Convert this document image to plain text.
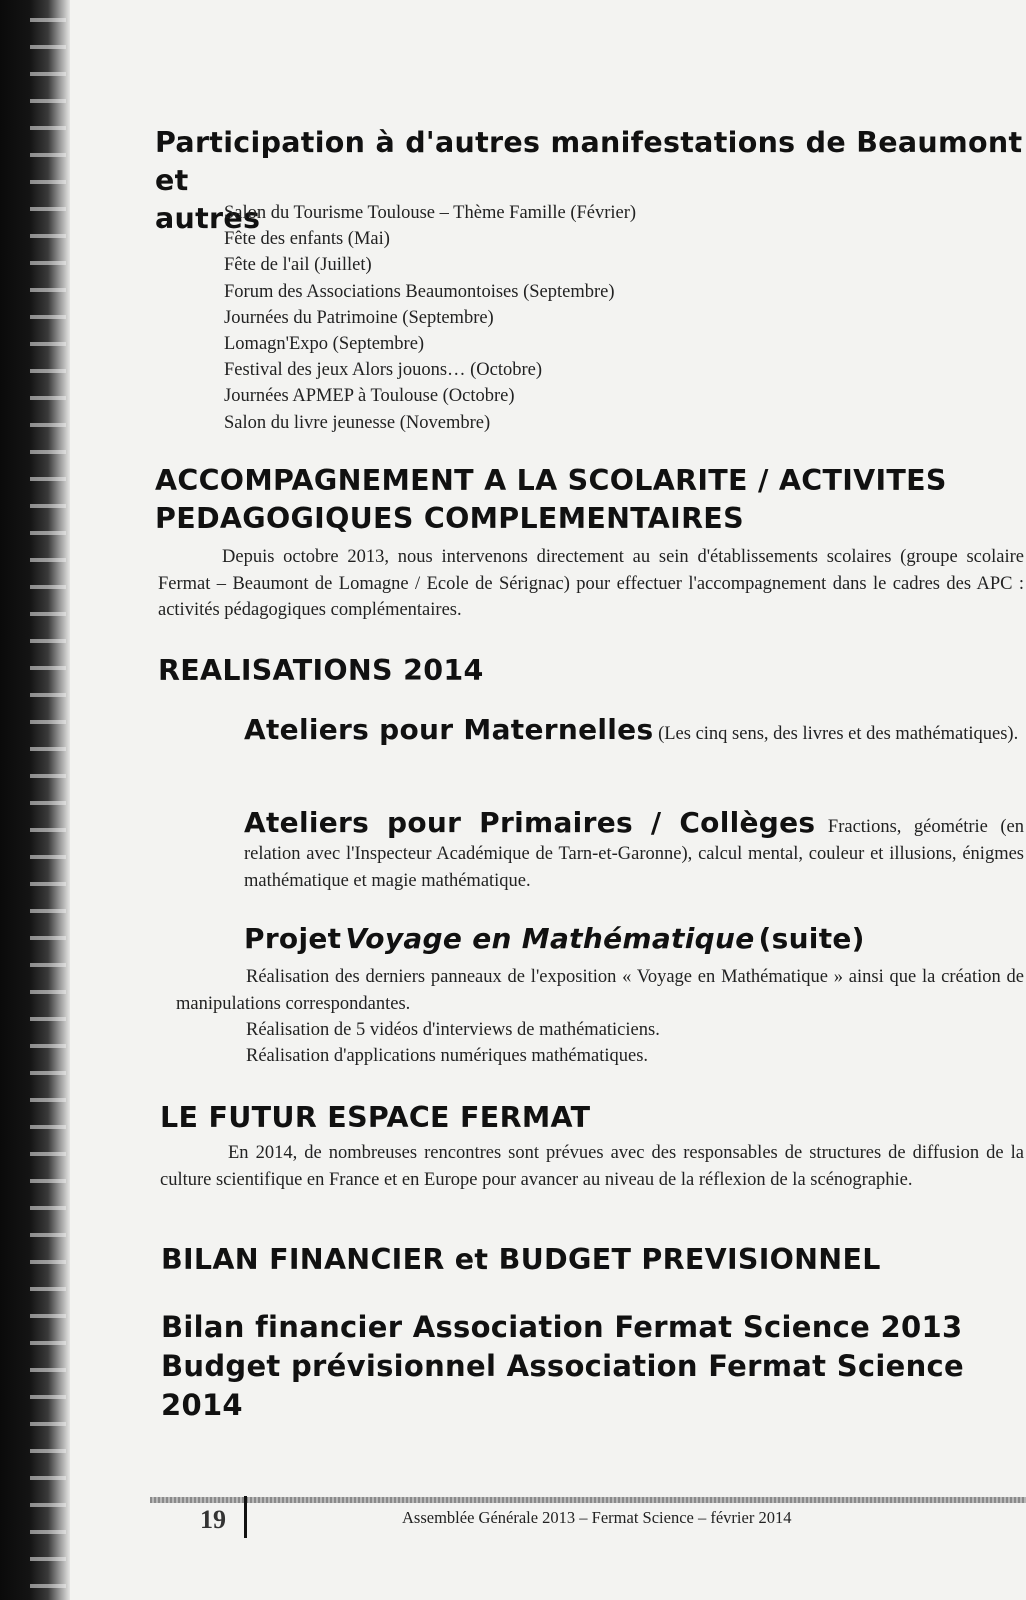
Participation à d'autres manifestations de Beaumont et

autres

Salon du Tourisme Toulouse – Thème Famille (Février)
Fête des enfants (Mai)
Fête de l'ail (Juillet)
Forum des Associations Beaumontoises (Septembre)
Journées du Patrimoine (Septembre)
Lomagn'Expo (Septembre)
Festival des jeux Alors jouons… (Octobre)
Journées APMEP à Toulouse (Octobre)
Salon du livre jeunesse (Novembre)

ACCOMPAGNEMENT A LA SCOLARITE / ACTIVITES

PEDAGOGIQUES COMPLEMENTAIRES

Depuis octobre 2013, nous intervenons directement au sein d'établissements scolaires (groupe scolaire Fermat – Beaumont de Lomagne / Ecole de Sérignac) pour effectuer l'accompagnement dans le cadres des APC : activités pédagogiques complémentaires.

REALISATIONS 2014

Ateliers pour Maternelles (Les cinq sens, des livres et des mathématiques).

Ateliers pour Primaires / Collèges Fractions, géométrie (en relation avec l'Inspecteur Académique de Tarn-et-Garonne), calcul mental, couleur et illusions, énigmes mathématique et magie mathématique.

Projet Voyage en Mathématique (suite)

Réalisation des derniers panneaux de l'exposition « Voyage en Mathématique » ainsi que la création de manipulations correspondantes.

Réalisation de 5 vidéos d'interviews de mathématiciens.

Réalisation d'applications numériques mathématiques.

LE FUTUR ESPACE FERMAT

En 2014, de nombreuses rencontres sont prévues avec des responsables de structures de diffusion de la culture scientifique en France et en Europe pour avancer au niveau de la réflexion de la scénographie.

BILAN FINANCIER et BUDGET PREVISIONNEL

Bilan financier Association Fermat Science 2013

Budget prévisionnel Association Fermat Science

2014

19	Assemblée Générale 2013 – Fermat Science – février 2014
